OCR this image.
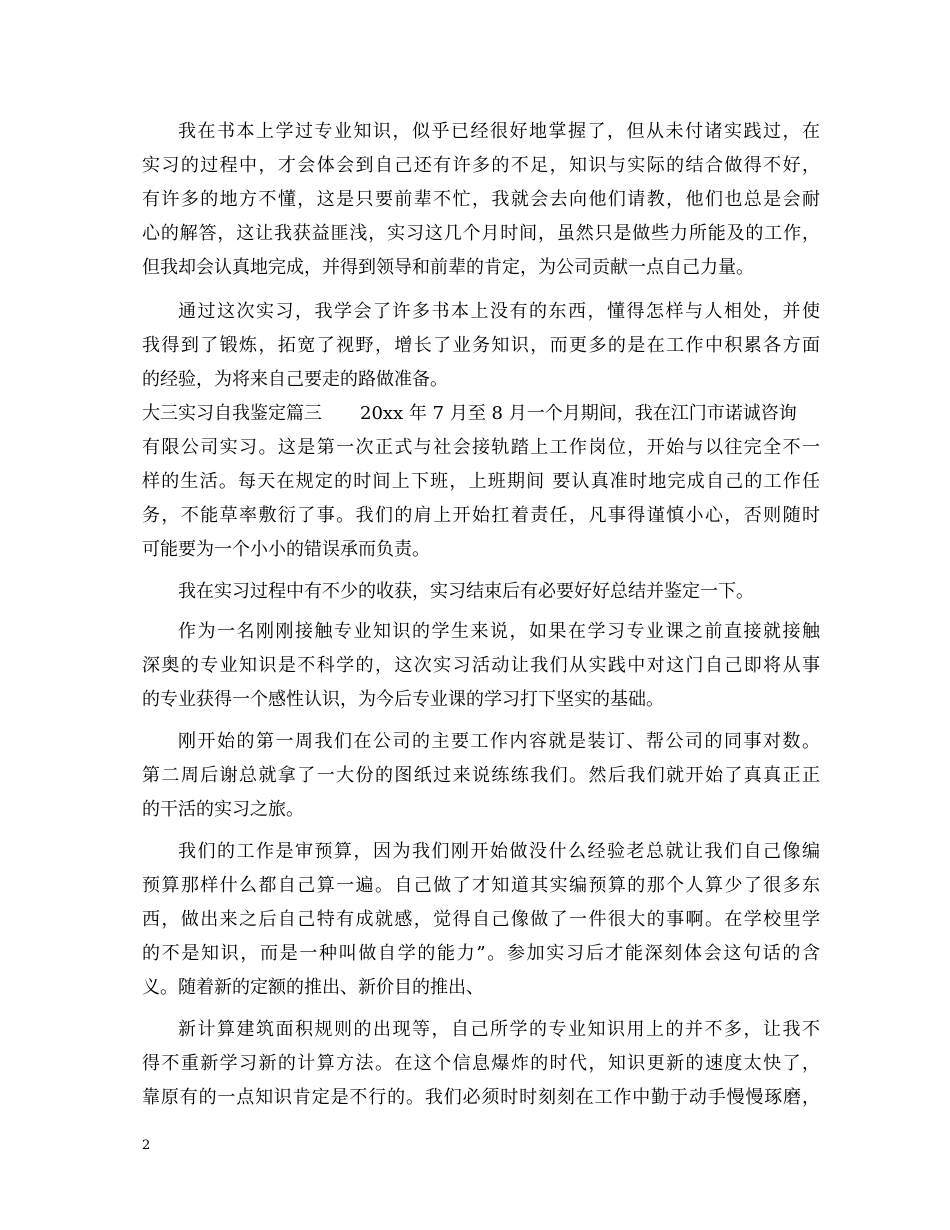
我在书本上学过专业知识，似乎已经很好地掌握了，但从未付诸实践过，在
实习的过程中，才会体会到自己还有许多的不足，知识与实际的结合做得不好，
有许多的地方不懂，这是只要前辈不忙，我就会去向他们请教，他们也总是会耐
心的解答，这让我获益匪浅，实习这几个月时间，虽然只是做些力所能及的工作，
但我却会认真地完成，并得到领导和前辈的肯定，为公司贡献一点自己力量。
通过这次实习，我学会了许多书本上没有的东西，懂得怎样与人相处，并使
我得到了锻炼，拓宽了视野，增长了业务知识，而更多的是在工作中积累各方面
的经验，为将来自己要走的路做准备。
大三实习自我鉴定篇三 20xx 年 7 月至 8 月一个月期间，我在江门市诺诚咨询
有限公司实习。这是第一次正式与社会接轨踏上工作岗位，开始与以往完全不一
样的生活。每天在规定的时间上下班，上班期间 要认真准时地完成自己的工作任
务，不能草率敷衍了事。我们的肩上开始扛着责任，凡事得谨慎小心，否则随时
可能要为一个小小的错误承而负责。
我在实习过程中有不少的收获，实习结束后有必要好好总结并鉴定一下。
作为一名刚刚接触专业知识的学生来说，如果在学习专业课之前直接就接触
深奥的专业知识是不科学的，这次实习活动让我们从实践中对这门自己即将从事
的专业获得一个感性认识，为今后专业课的学习打下坚实的基础。
刚开始的第一周我们在公司的主要工作内容就是装订、帮公司的同事对数。
第二周后谢总就拿了一大份的图纸过来说练练我们。然后我们就开始了真真正正
的干活的实习之旅。
我们的工作是审预算，因为我们刚开始做没什么经验老总就让我们自己像编
预算那样什么都自己算一遍。自己做了才知道其实编预算的那个人算少了很多东
西，做出来之后自己特有成就感，觉得自己像做了一件很大的事啊。在学校里学
的不是知识，而是一种叫做自学的能力”。参加实习后才能深刻体会这句话的含
义。随着新的定额的推出、新价目的推出、
新计算建筑面积规则的出现等，自己所学的专业知识用上的并不多，让我不
得不重新学习新的计算方法。在这个信息爆炸的时代，知识更新的速度太快了，
靠原有的一点知识肯定是不行的。我们必须时时刻刻在工作中勤于动手慢慢琢磨，
2
